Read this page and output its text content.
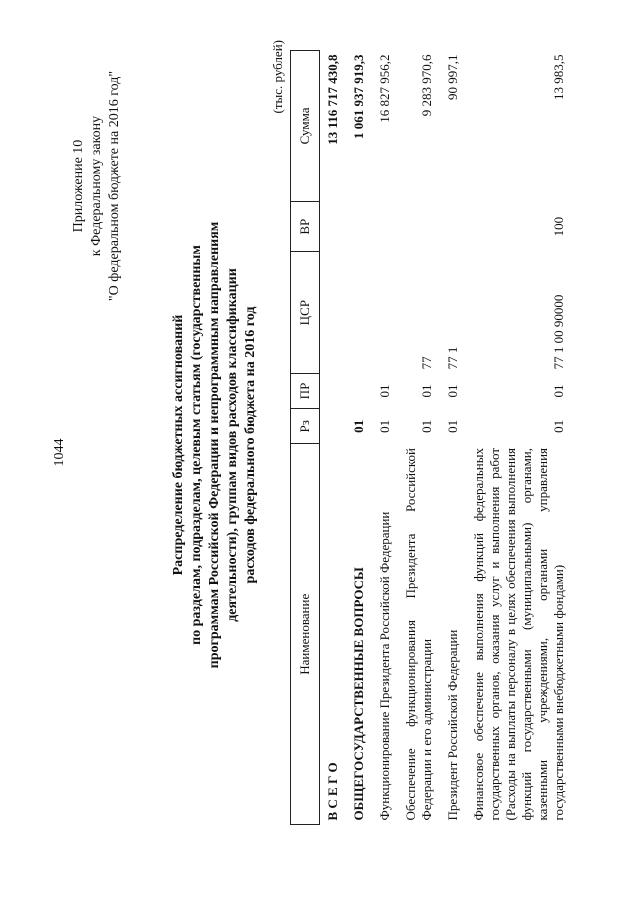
1044
Приложение 10 к Федеральному закону "О федеральном бюджете на 2016 год"
Распределение бюджетных ассигнований по разделам, подразделам, целевым статьям (государственным программам Российской Федерации и непрограммным направлениям деятельности), группам видов расходов классификации расходов федерального бюджета на 2016 год
(тыс. рублей)
Наименование	Рз	ПР	ЦСР	ВР	Сумма
В С Е Г О					13 116 717 430,8
ОБЩЕГОСУДАРСТВЕННЫЕ ВОПРОСЫ	01				1 061 937 919,3
Функционирование Президента Российской Федерации	01	01			16 827 956,2
Обеспечение функционирования Президента Российской Федерации и его администрации	01	01	77		9 283 970,6
Президент Российской Федерации	01	01	77 1		90 997,1
Финансовое обеспечение выполнения функций федеральных государственных органов, оказания услуг и выполнения работ (Расходы на выплаты персоналу в целях обеспечения выполнения функций государственными (муниципальными) органами, казенными учреждениями, органами управления государственными внебюджетными фондами)	01	01	77 1 00 90000	100	13 983,5
